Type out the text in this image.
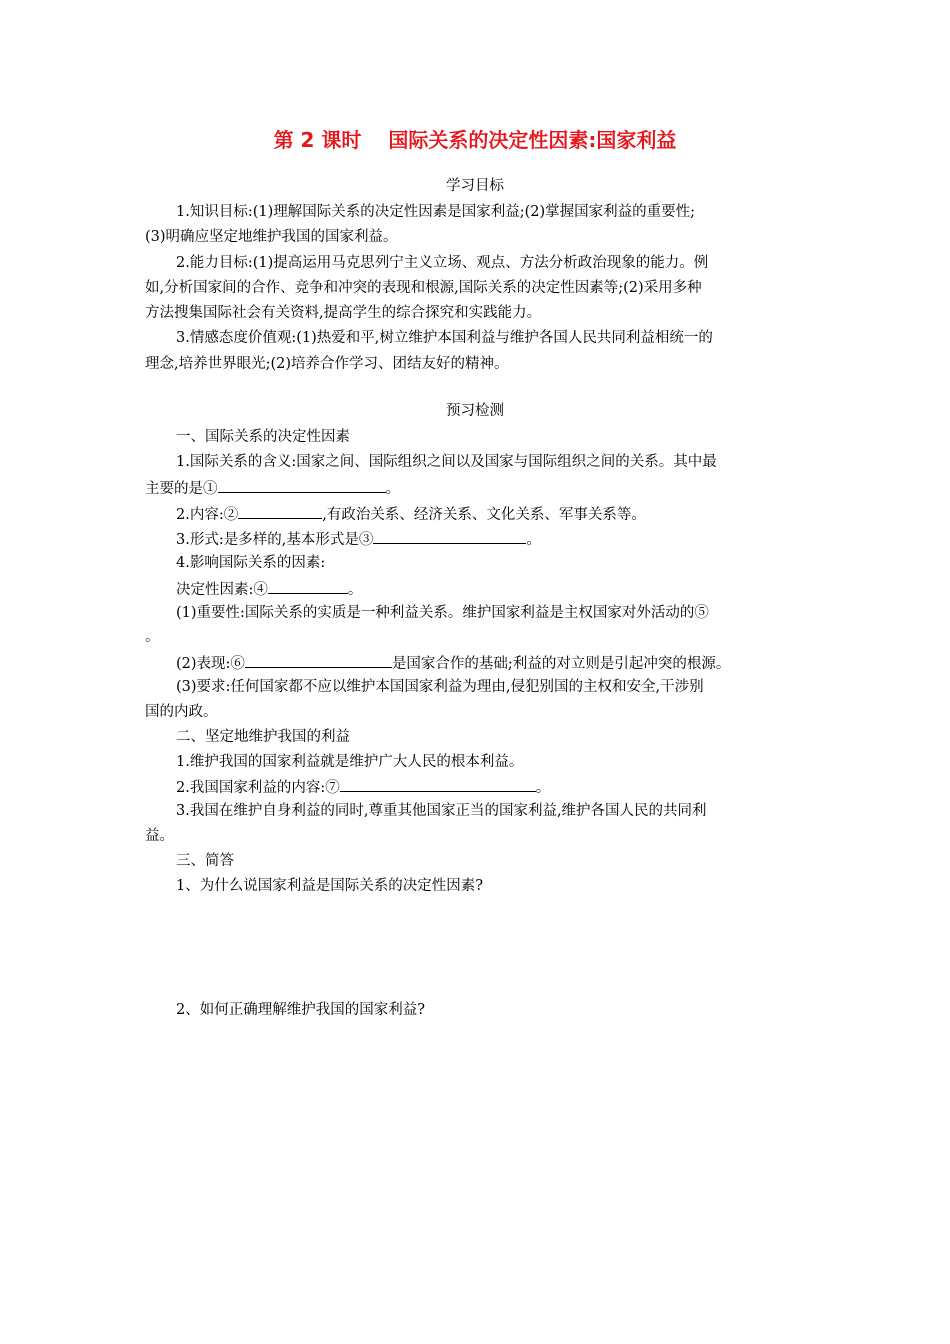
第 2 课时　 国际关系的决定性因素:国家利益
学习目标
1.知识目标:(1)理解国际关系的决定性因素是国家利益;(2)掌握国家利益的重要性;
(3)明确应坚定地维护我国的国家利益。
2.能力目标:(1)提高运用马克思列宁主义立场、观点、方法分析政治现象的能力。例
如,分析国家间的合作、竞争和冲突的表现和根源,国际关系的决定性因素等;(2)采用多种
方法搜集国际社会有关资料,提高学生的综合探究和实践能力。
3.情感态度价值观:(1)热爱和平,树立维护本国利益与维护各国人民共同利益相统一的
理念,培养世界眼光;(2)培养合作学习、团结友好的精神。
预习检测
一、国际关系的决定性因素
1.国际关系的含义:国家之间、国际组织之间以及国家与国际组织之间的关系。其中最
主要的是①	。
2.内容:②	,有政治关系、经济关系、文化关系、军事关系等。
3.形式:是多样的,基本形式是③	。
4.影响国际关系的因素:
决定性因素:④	。
(1)重要性:国际关系的实质是一种利益关系。维护国家利益是主权国家对外活动的⑤
。
(2)表现:⑥	是国家合作的基础;利益的对立则是引起冲突的根源。
(3)要求:任何国家都不应以维护本国国家利益为理由,侵犯别国的主权和安全,干涉别
国的内政。
二、坚定地维护我国的利益
1.维护我国的国家利益就是维护广大人民的根本利益。
2.我国国家利益的内容:⑦	。
3.我国在维护自身利益的同时,尊重其他国家正当的国家利益,维护各国人民的共同利
益。
三、简答
1、为什么说国家利益是国际关系的决定性因素?
2、如何正确理解维护我国的国家利益?
